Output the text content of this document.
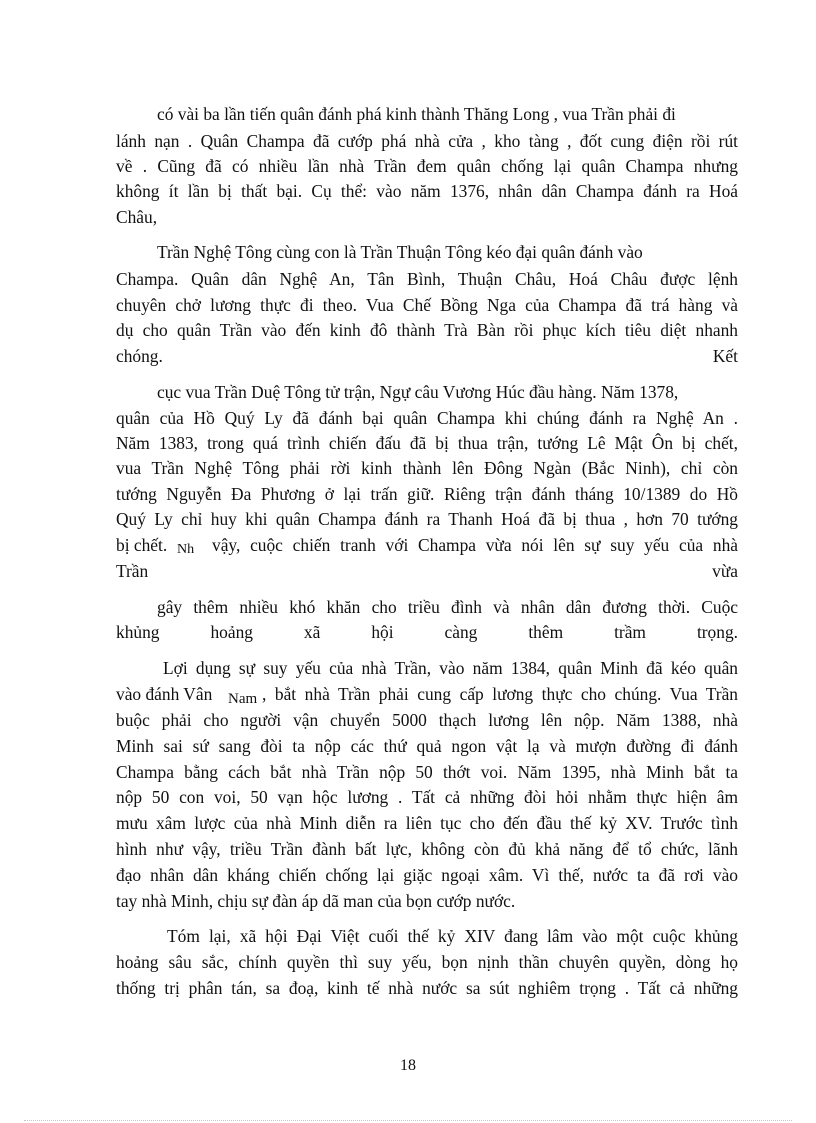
có vài ba lần tiến quân đánh phá kinh thành Thăng Long , vua Trần phải đi
lánh nạn . Quân Champa đã cướp phá nhà cửa , kho tàng , đốt cung điện rồi rút
về . Cũng đã có nhiều lần nhà Trần đem quân chống lại quân Champa nhưng
không ít lần bị thất bại. Cụ thể: vào năm 1376, nhân dân Champa đánh ra Hoá
Châu,
Trần Nghệ Tông cùng con là Trần Thuận Tông kéo đại quân đánh vào
Champa. Quân dân Nghệ An, Tân Bình, Thuận Châu, Hoá Châu được lệnh
chuyên chở lương thực đi theo. Vua Chế Bồng Nga của Champa đã trá hàng và
dụ cho quân Trần vào đến kinh đô thành Trà Bàn rồi phục kích tiêu diệt nhanh
chóng.	Kết
cục vua Trần Duệ Tông tử trận, Ngự câu Vương Húc đầu hàng. Năm 1378,
quân của Hồ Quý Ly đã đánh bại quân Champa khi chúng đánh ra Nghệ An .
Năm 1383, trong quá trình chiến đấu đã bị thua trận, tướng Lê Mật Ôn bị chết,
vua Trần Nghệ Tông phải rời kinh thành lên Đông Ngàn (Bắc Ninh), chỉ còn
tướng Nguyễn Đa Phương ở lại trấn giữ. Riêng trận đánh tháng 10/1389 do Hồ
Quý Ly chỉ huy khi quân Champa đánh ra Thanh Hoá đã bị thua , hơn 70 tướng
bị chết. Nh	vậy, cuộc chiến tranh với Champa vừa nói lên sự suy yếu của nhà
Trần	vừa
gây thêm nhiều khó khăn cho triều đình và nhân dân đương thời. Cuộc
khủng hoảng xã hội càng thêm trầm trọng.
Lợi dụng sự suy yếu của nhà Trần, vào năm 1384, quân Minh đã kéo quân
vào đánh Vân	Nam , bắt nhà Trần phải cung cấp lương thực cho chúng. Vua Trần
buộc phải cho người vận chuyển 5000 thạch lương lên nộp. Năm 1388, nhà
Minh sai sứ sang đòi ta nộp các thứ quả ngon vật lạ và mượn đường đi đánh
Champa bằng cách bắt nhà Trần nộp 50 thớt voi. Năm 1395, nhà Minh bắt ta
nộp 50 con voi, 50 vạn hộc lương . Tất cả những đòi hỏi nhằm thực hiện âm
mưu xâm lược của nhà Minh diễn ra liên tục cho đến đầu thế kỷ XV. Trước tình
hình như vậy, triều Trần đành bất lực, không còn đủ khả năng để tổ chức, lãnh
đạo nhân dân kháng chiến chống lại giặc ngoại xâm. Vì thế, nước ta đã rơi vào
tay nhà Minh, chịu sự đàn áp dã man của bọn cướp nước.
Tóm lại, xã hội Đại Việt cuối thế kỷ XIV đang lâm vào một cuộc khủng
hoảng sâu sắc, chính quyền thì suy yếu, bọn nịnh thần chuyên quyền, dòng họ
thống trị phân tán, sa đoạ, kinh tế nhà nước sa sút nghiêm trọng . Tất cả những
18
